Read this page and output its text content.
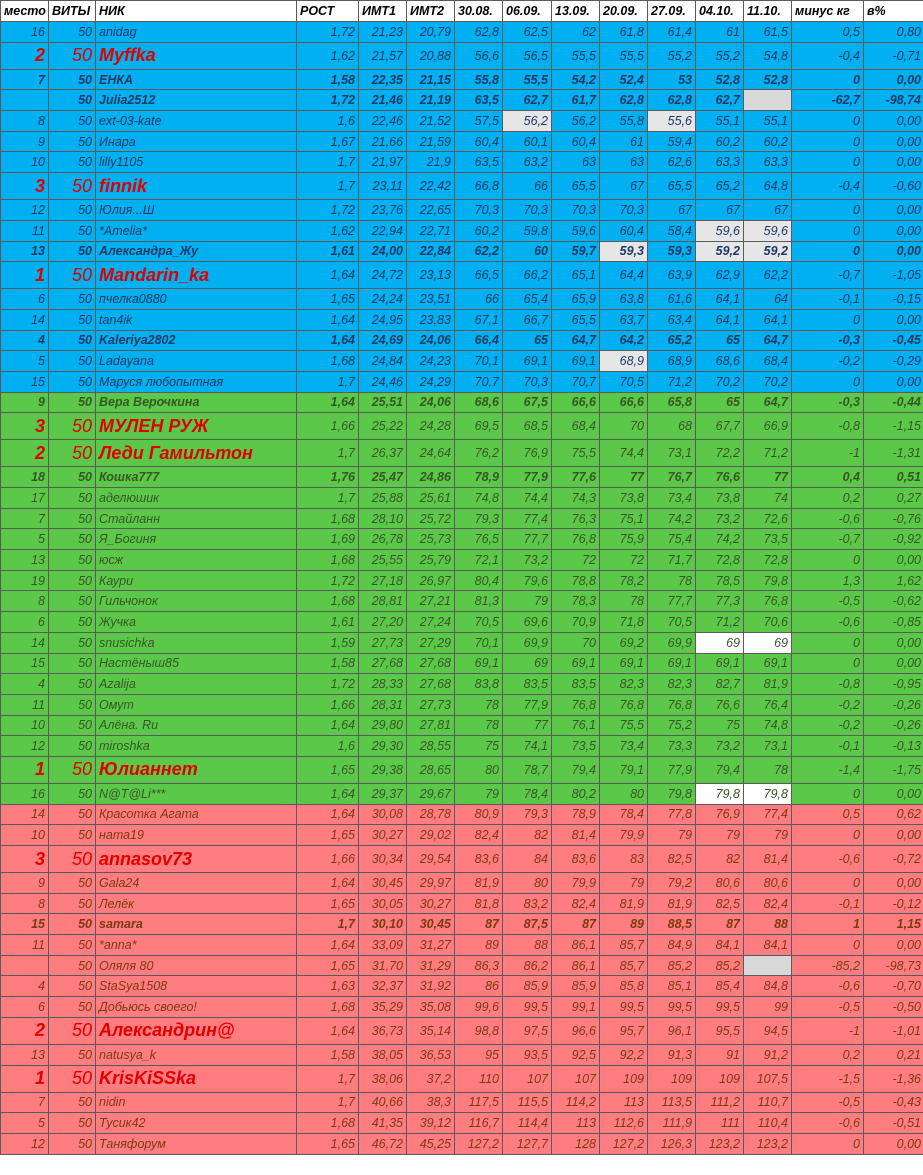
место	ВИТЫ	НИК	РОСТ	ИМТ1	ИМТ2	30.08.	06.09.	13.09.	20.09.	27.09.	04.10.	11.10.	минус кг	в%
16	50	anidag	1,72	21,23	20,79	62,8	62,5	62	61,8	61,4	61	61,5	0,5	0,80
2	50	Myffka	1,62	21,57	20,88	56,6	56,5	55,5	55,5	55,2	55,2	54,8	-0,4	-0,71
7	50	ЕНКА	1,58	22,35	21,15	55,8	55,5	54,2	52,4	53	52,8	52,8	0	0,00
	50	Julia2512	1,72	21,46	21,19	63,5	62,7	61,7	62,8	62,8	62,7		-62,7	-98,74
8	50	ext-03-kate	1,6	22,46	21,52	57,5	56,2	56,2	55,8	55,6	55,1	55,1	0	0,00
9	50	Инара	1,67	21,66	21,59	60,4	60,1	60,4	61	59,4	60,2	60,2	0	0,00
10	50	lilly1105	1,7	21,97	21,9	63,5	63,2	63	63	62,6	63,3	63,3	0	0,00
3	50	finnik	1,7	23,11	22,42	66,8	66	65,5	67	65,5	65,2	64,8	-0,4	-0,60
12	50	Юлия...Ш	1,72	23,76	22,65	70,3	70,3	70,3	70,3	67	67	67	0	0,00
11	50	*Amelia*	1,62	22,94	22,71	60,2	59,8	59,6	60,4	58,4	59,6	59,6	0	0,00
13	50	Александра_Жу	1,61	24,00	22,84	62,2	60	59,7	59,3	59,3	59,2	59,2	0	0,00
1	50	Mandarin_ka	1,64	24,72	23,13	66,5	66,2	65,1	64,4	63,9	62,9	62,2	-0,7	-1,05
6	50	пчелка0880	1,65	24,24	23,51	66	65,4	65,9	63,8	61,6	64,1	64	-0,1	-0,15
14	50	tan4ik	1,64	24,95	23,83	67,1	66,7	65,5	63,7	63,4	64,1	64,1	0	0,00
4	50	Kaleriya2802	1,64	24,69	24,06	66,4	65	64,7	64,2	65,2	65	64,7	-0,3	-0,45
5	50	Ladayana	1,68	24,84	24,23	70,1	69,1	69,1	68,9	68,9	68,6	68,4	-0,2	-0,29
15	50	Маруся любопытная	1,7	24,46	24,29	70,7	70,3	70,7	70,5	71,2	70,2	70,2	0	0,00
9	50	Вера Верочкина	1,64	25,51	24,06	68,6	67,5	66,6	66,6	65,8	65	64,7	-0,3	-0,44
3	50	МУЛЕН РУЖ	1,66	25,22	24,28	69,5	68,5	68,4	70	68	67,7	66,9	-0,8	-1,15
2	50	Леди Гамильтон	1,7	26,37	24,64	76,2	76,9	75,5	74,4	73,1	72,2	71,2	-1	-1,31
18	50	Кошка777	1,76	25,47	24,86	78,9	77,9	77,6	77	76,7	76,6	77	0,4	0,51
17	50	аделюшик	1,7	25,88	25,61	74,8	74,4	74,3	73,8	73,4	73,8	74	0,2	0,27
7	50	Стайланн	1,68	28,10	25,72	79,3	77,4	76,3	75,1	74,2	73,2	72,6	-0,6	-0,76
5	50	Я_Богиня	1,69	26,78	25,73	76,5	77,7	76,8	75,9	75,4	74,2	73,5	-0,7	-0,92
13	50	юсж	1,68	25,55	25,79	72,1	73,2	72	72	71,7	72,8	72,8	0	0,00
19	50	Каури	1,72	27,18	26,97	80,4	79,6	78,8	78,2	78	78,5	79,8	1,3	1,62
8	50	Гильчонок	1,68	28,81	27,21	81,3	79	78,3	78	77,7	77,3	76,8	-0,5	-0,62
6	50	Жучка	1,61	27,20	27,24	70,5	69,6	70,9	71,8	70,5	71,2	70,6	-0,6	-0,85
14	50	snusichka	1,59	27,73	27,29	70,1	69,9	70	69,2	69,9	69	69	0	0,00
15	50	Настёныш85	1,58	27,68	27,68	69,1	69	69,1	69,1	69,1	69,1	69,1	0	0,00
4	50	Azalija	1,72	28,33	27,68	83,8	83,5	83,5	82,3	82,3	82,7	81,9	-0,8	-0,95
11	50	Омут	1,66	28,31	27,73	78	77,9	76,8	76,8	76,8	76,6	76,4	-0,2	-0,26
10	50	Алёна. Ru	1,64	29,80	27,81	78	77	76,1	75,5	75,2	75	74,8	-0,2	-0,26
12	50	miroshka	1,6	29,30	28,55	75	74,1	73,5	73,4	73,3	73,2	73,1	-0,1	-0,13
1	50	Юлианнет	1,65	29,38	28,65	80	78,7	79,4	79,1	77,9	79,4	78	-1,4	-1,75
16	50	N@T@Li***	1,64	29,37	29,67	79	78,4	80,2	80	79,8	79,8	79,8	0	0,00
14	50	Красотка Агата	1,64	30,08	28,78	80,9	79,3	78,9	78,4	77,8	76,9	77,4	0,5	0,62
10	50	ната19	1,65	30,27	29,02	82,4	82	81,4	79,9	79	79	79	0	0,00
3	50	annasov73	1,66	30,34	29,54	83,6	84	83,6	83	82,5	82	81,4	-0,6	-0,72
9	50	Gala24	1,64	30,45	29,97	81,9	80	79,9	79	79,2	80,6	80,6	0	0,00
8	50	Лелёк	1,65	30,05	30,27	81,8	83,2	82,4	81,9	81,9	82,5	82,4	-0,1	-0,12
15	50	samara	1,7	30,10	30,45	87	87,5	87	89	88,5	87	88	1	1,15
11	50	*anna*	1,64	33,09	31,27	89	88	86,1	85,7	84,9	84,1	84,1	0	0,00
	50	Оляля 80	1,65	31,70	31,29	86,3	86,2	86,1	85,7	85,2	85,2		-85,2	-98,73
4	50	StaSya1508	1,63	32,37	31,92	86	85,9	85,9	85,8	85,1	85,4	84,8	-0,6	-0,70
6	50	Добьюсь своего!	1,68	35,29	35,08	99,6	99,5	99,1	99,5	99,5	99,5	99	-0,5	-0,50
2	50	Александрин@	1,64	36,73	35,14	98,8	97,5	96,6	95,7	96,1	95,5	94,5	-1	-1,01
13	50	natusya_k	1,58	38,05	36,53	95	93,5	92,5	92,2	91,3	91	91,2	0,2	0,21
1	50	KrisKiSSka	1,7	38,06	37,2	110	107	107	109	109	109	107,5	-1,5	-1,36
7	50	nidin	1,7	40,66	38,3	117,5	115,5	114,2	113	113,5	111,2	110,7	-0,5	-0,43
5	50	Тусик42	1,68	41,35	39,12	116,7	114,4	113	112,6	111,9	111	110,4	-0,6	-0,51
12	50	Таняфорум	1,65	46,72	45,25	127,2	127,7	128	127,2	126,3	123,2	123,2	0	0,00
